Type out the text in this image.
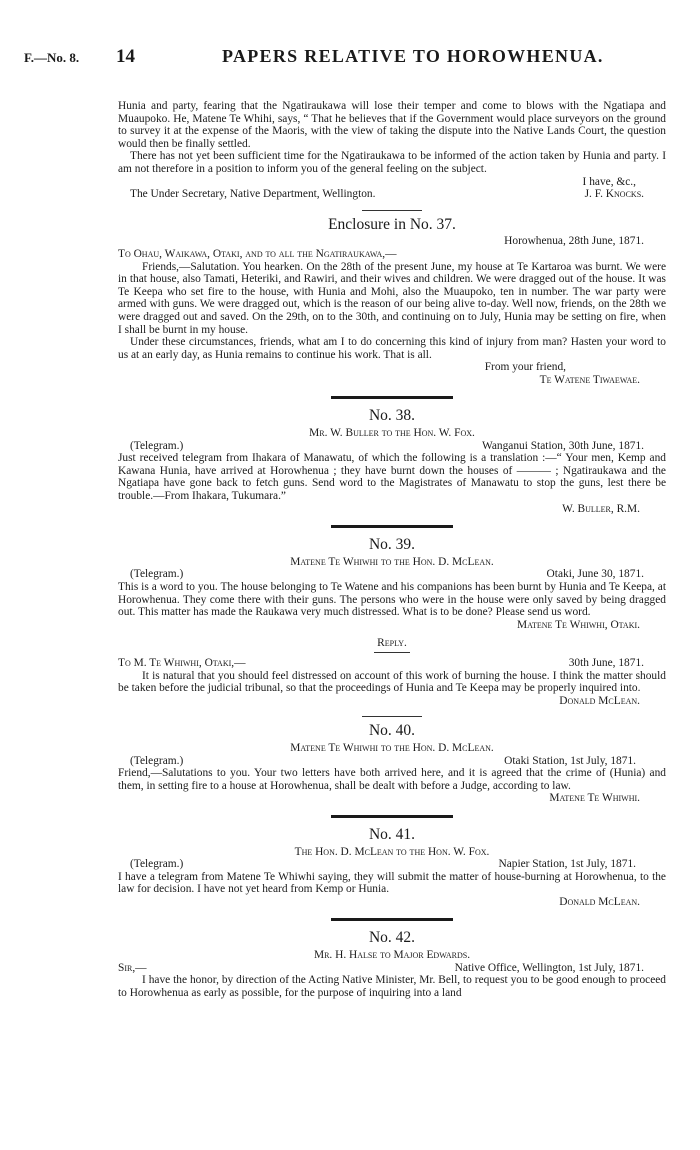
F.—No. 8. 14	PAPERS RELATIVE TO HOROWHENUA.

Hunia and party, fearing that the Ngatiraukawa will lose their temper and come to blows with the Ngatiapa and Muaupoko. He, Matene Te Whihi, says, “ That he believes that if the Government would place surveyors on the ground to survey it at the expense of the Maoris, with the view of taking the dispute into the Native Lands Court, the question would then be finally settled.

There has not yet been sufficient time for the Ngatiraukawa to be informed of the action taken by Hunia and party. I am not therefore in a position to inform you of the general feeling on the subject.

I have, &c.,
The Under Secretary, Native Department, Wellington.	J. F. Knocks.
Enclosure in No. 37.
Horowhenua, 28th June, 1871.
To Ohau, Waikawa, Otaki, and to all the Ngatiraukawa,—

Friends,—Salutation. You hearken. On the 28th of the present June, my house at Te Kartaroa was burnt. We were in that house, also Tamati, Heteriki, and Rawiri, and their wives and children. We were dragged out of the house. It was Te Keepa who set fire to the house, with Hunia and Mohi, also the Muaupoko, ten in number. The war party were armed with guns. We were dragged out, which is the reason of our being alive to-day. Well now, friends, on the 28th we were dragged out and saved. On the 29th, on to the 30th, and continuing on to July, Hunia may be setting on fire, when I shall be burnt in my house.

Under these circumstances, friends, what am I to do concerning this kind of injury from man? Hasten your word to us at an early day, as Hunia remains to continue his work. That is all.

From your friend,
Te Watene Tiwaewae.
No. 38.
Mr. W. Buller to the Hon. W. Fox.
(Telegram.)	Wanganui Station, 30th June, 1871.

Just received telegram from Ihakara of Manawatu, of which the following is a translation :—“ Your men, Kemp and Kawana Hunia, have arrived at Horowhenua ; they have burnt down the houses of ——— ; Ngatiraukawa and the Ngatiapa have gone back to fetch guns. Send word to the Magistrates of Manawatu to stop the guns, lest there be trouble.—From Ihakara, Tukumara.”

W. Buller, R.M.
No. 39.
Matene Te Whiwhi to the Hon. D. McLean.
(Telegram.)	Otaki, June 30, 1871.

This is a word to you. The house belonging to Te Watene and his companions has been burnt by Hunia and Te Keepa, at Horowhenua. They come there with their guns. The persons who were in the house were only saved by being dragged out. This matter has made the Raukawa very much distressed. What is to be done? Please send us word.

Matene Te Whiwhi, Otaki.
Reply.
To M. Te Whiwhi, Otaki,—	30th June, 1871.

It is natural that you should feel distressed on account of this work of burning the house. I think the matter should be taken before the judicial tribunal, so that the proceedings of Hunia and Te Keepa may be properly inquired into.

Donald McLean.
No. 40.
Matene Te Whiwhi to the Hon. D. McLean.
(Telegram.)	Otaki Station, 1st July, 1871.

Friend,—Salutations to you. Your two letters have both arrived here, and it is agreed that the crime of (Hunia) and them, in setting fire to a house at Horowhenua, shall be dealt with before a Judge, according to law.

Matene Te Whiwhi.
No. 41.
The Hon. D. McLean to the Hon. W. Fox.
(Telegram.)	Napier Station, 1st July, 1871.

I have a telegram from Matene Te Whiwhi saying, they will submit the matter of house-burning at Horowhenua, to the law for decision. I have not yet heard from Kemp or Hunia.

Donald McLean.
No. 42.
Mr. H. Halse to Major Edwards.
Sir,—	Native Office, Wellington, 1st July, 1871.

I have the honor, by direction of the Acting Native Minister, Mr. Bell, to request you to be good enough to proceed to Horowhenua as early as possible, for the purpose of inquiring into a land
